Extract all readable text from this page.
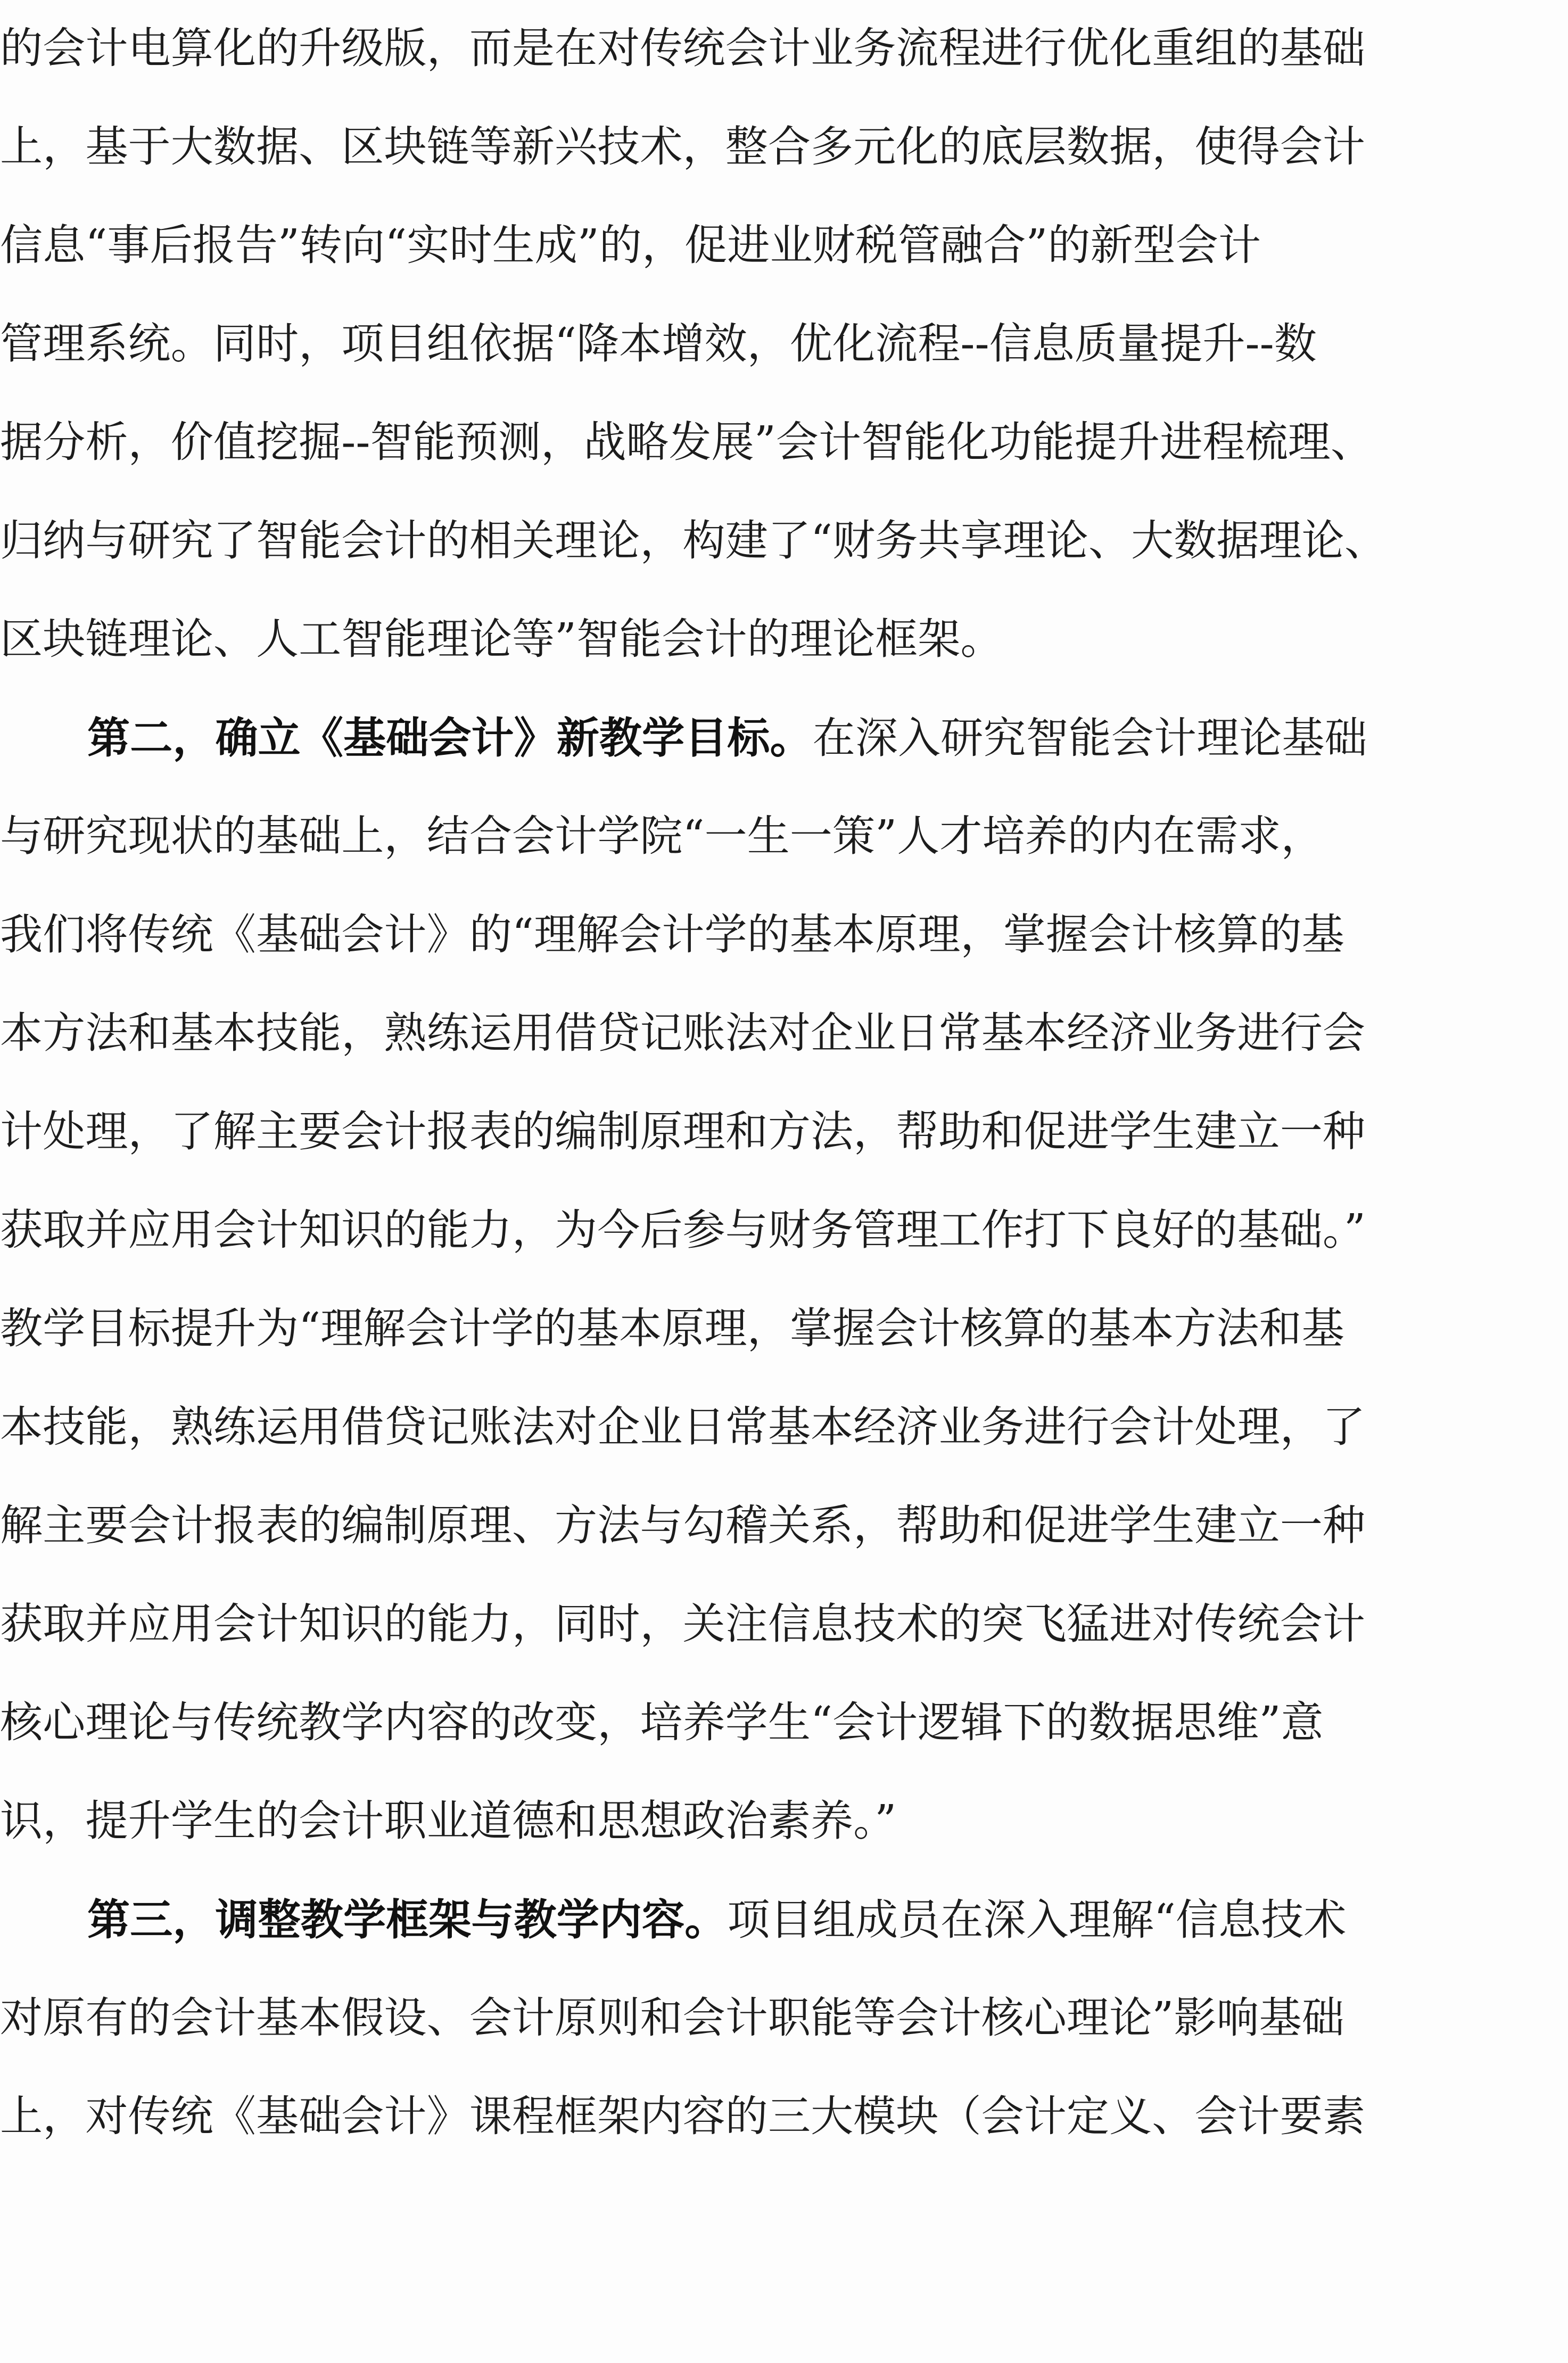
的会计电算化的升级版，而是在对传统会计业务流程进行优化重组的基础
上，基于大数据、区块链等新兴技术，整合多元化的底层数据，使得会计
信息“事后报告”转向“实时生成”的，促进业财税管融合”的新型会计
管理系统。同时，项目组依据“降本增效，优化流程--信息质量提升--数
据分析，价值挖掘--智能预测，战略发展”会计智能化功能提升进程梳理、
归纳与研究了智能会计的相关理论，构建了“财务共享理论、大数据理论、
区块链理论、人工智能理论等”智能会计的理论框架。
第二，确立《基础会计》新教学目标。在深入研究智能会计理论基础
与研究现状的基础上，结合会计学院“一生一策”人才培养的内在需求，
我们将传统《基础会计》的“理解会计学的基本原理，掌握会计核算的基
本方法和基本技能，熟练运用借贷记账法对企业日常基本经济业务进行会
计处理，了解主要会计报表的编制原理和方法，帮助和促进学生建立一种
获取并应用会计知识的能力，为今后参与财务管理工作打下良好的基础。”
教学目标提升为“理解会计学的基本原理，掌握会计核算的基本方法和基
本技能，熟练运用借贷记账法对企业日常基本经济业务进行会计处理，了
解主要会计报表的编制原理、方法与勾稽关系，帮助和促进学生建立一种
获取并应用会计知识的能力，同时，关注信息技术的突飞猛进对传统会计
核心理论与传统教学内容的改变，培养学生“会计逻辑下的数据思维”意
识，提升学生的会计职业道德和思想政治素养。”
第三，调整教学框架与教学内容。项目组成员在深入理解“信息技术
对原有的会计基本假设、会计原则和会计职能等会计核心理论”影响基础
上，对传统《基础会计》课程框架内容的三大模块（会计定义、会计要素
